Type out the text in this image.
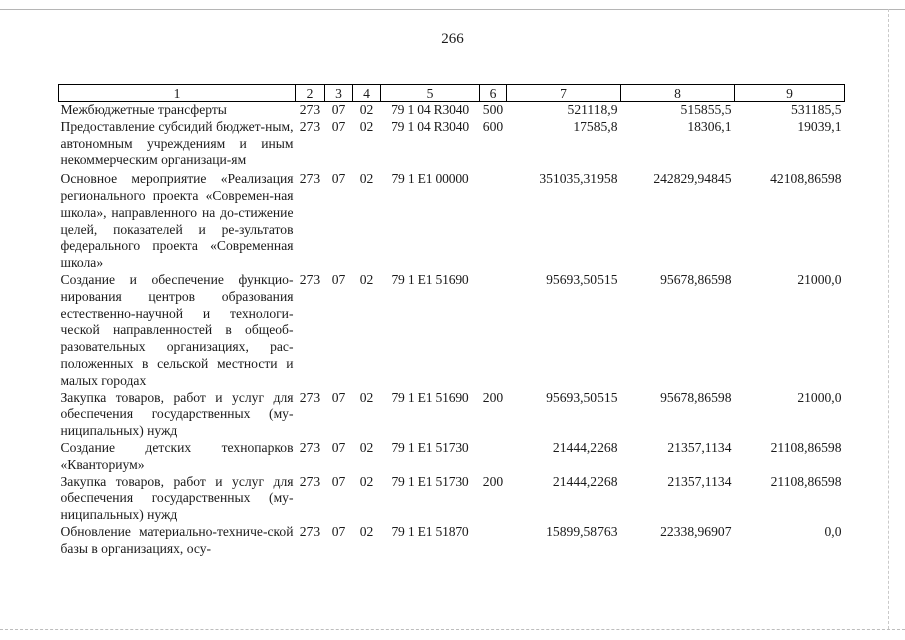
266
1	2	3	4	5	6	7	8	9
Межбюджетные трансферты	273	07	02	79 1 04 R3040	500	521118,9	515855,5	531185,5
Предоставление субсидий бюджет-ным, автономным учреждениям и иным некоммерческим организаци-ям	273	07	02	79 1 04 R3040	600	17585,8	18306,1	19039,1
Основное мероприятие «Реализация регионального проекта «Современ-ная школа», направленного на до-стижение целей, показателей и ре-зультатов федерального проекта «Современная школа»	273	07	02	79 1 E1 00000		351035,31958	242829,94845	42108,86598
Создание и обеспечение функцио-нирования центров образования естественно-научной и технологи-ческой направленностей в общеоб-разовательных организациях, рас-положенных в сельской местности и малых городах	273	07	02	79 1 E1 51690		95693,50515	95678,86598	21000,0
Закупка товаров, работ и услуг для обеспечения государственных (му-ниципальных) нужд	273	07	02	79 1 E1 51690	200	95693,50515	95678,86598	21000,0
Создание детских технопарков «Кванториум»	273	07	02	79 1 E1 51730		21444,2268	21357,1134	21108,86598
Закупка товаров, работ и услуг для обеспечения государственных (му-ниципальных) нужд	273	07	02	79 1 E1 51730	200	21444,2268	21357,1134	21108,86598
Обновление материально-техниче-ской базы в организациях, осу-	273	07	02	79 1 E1 51870		15899,58763	22338,96907	0,0
